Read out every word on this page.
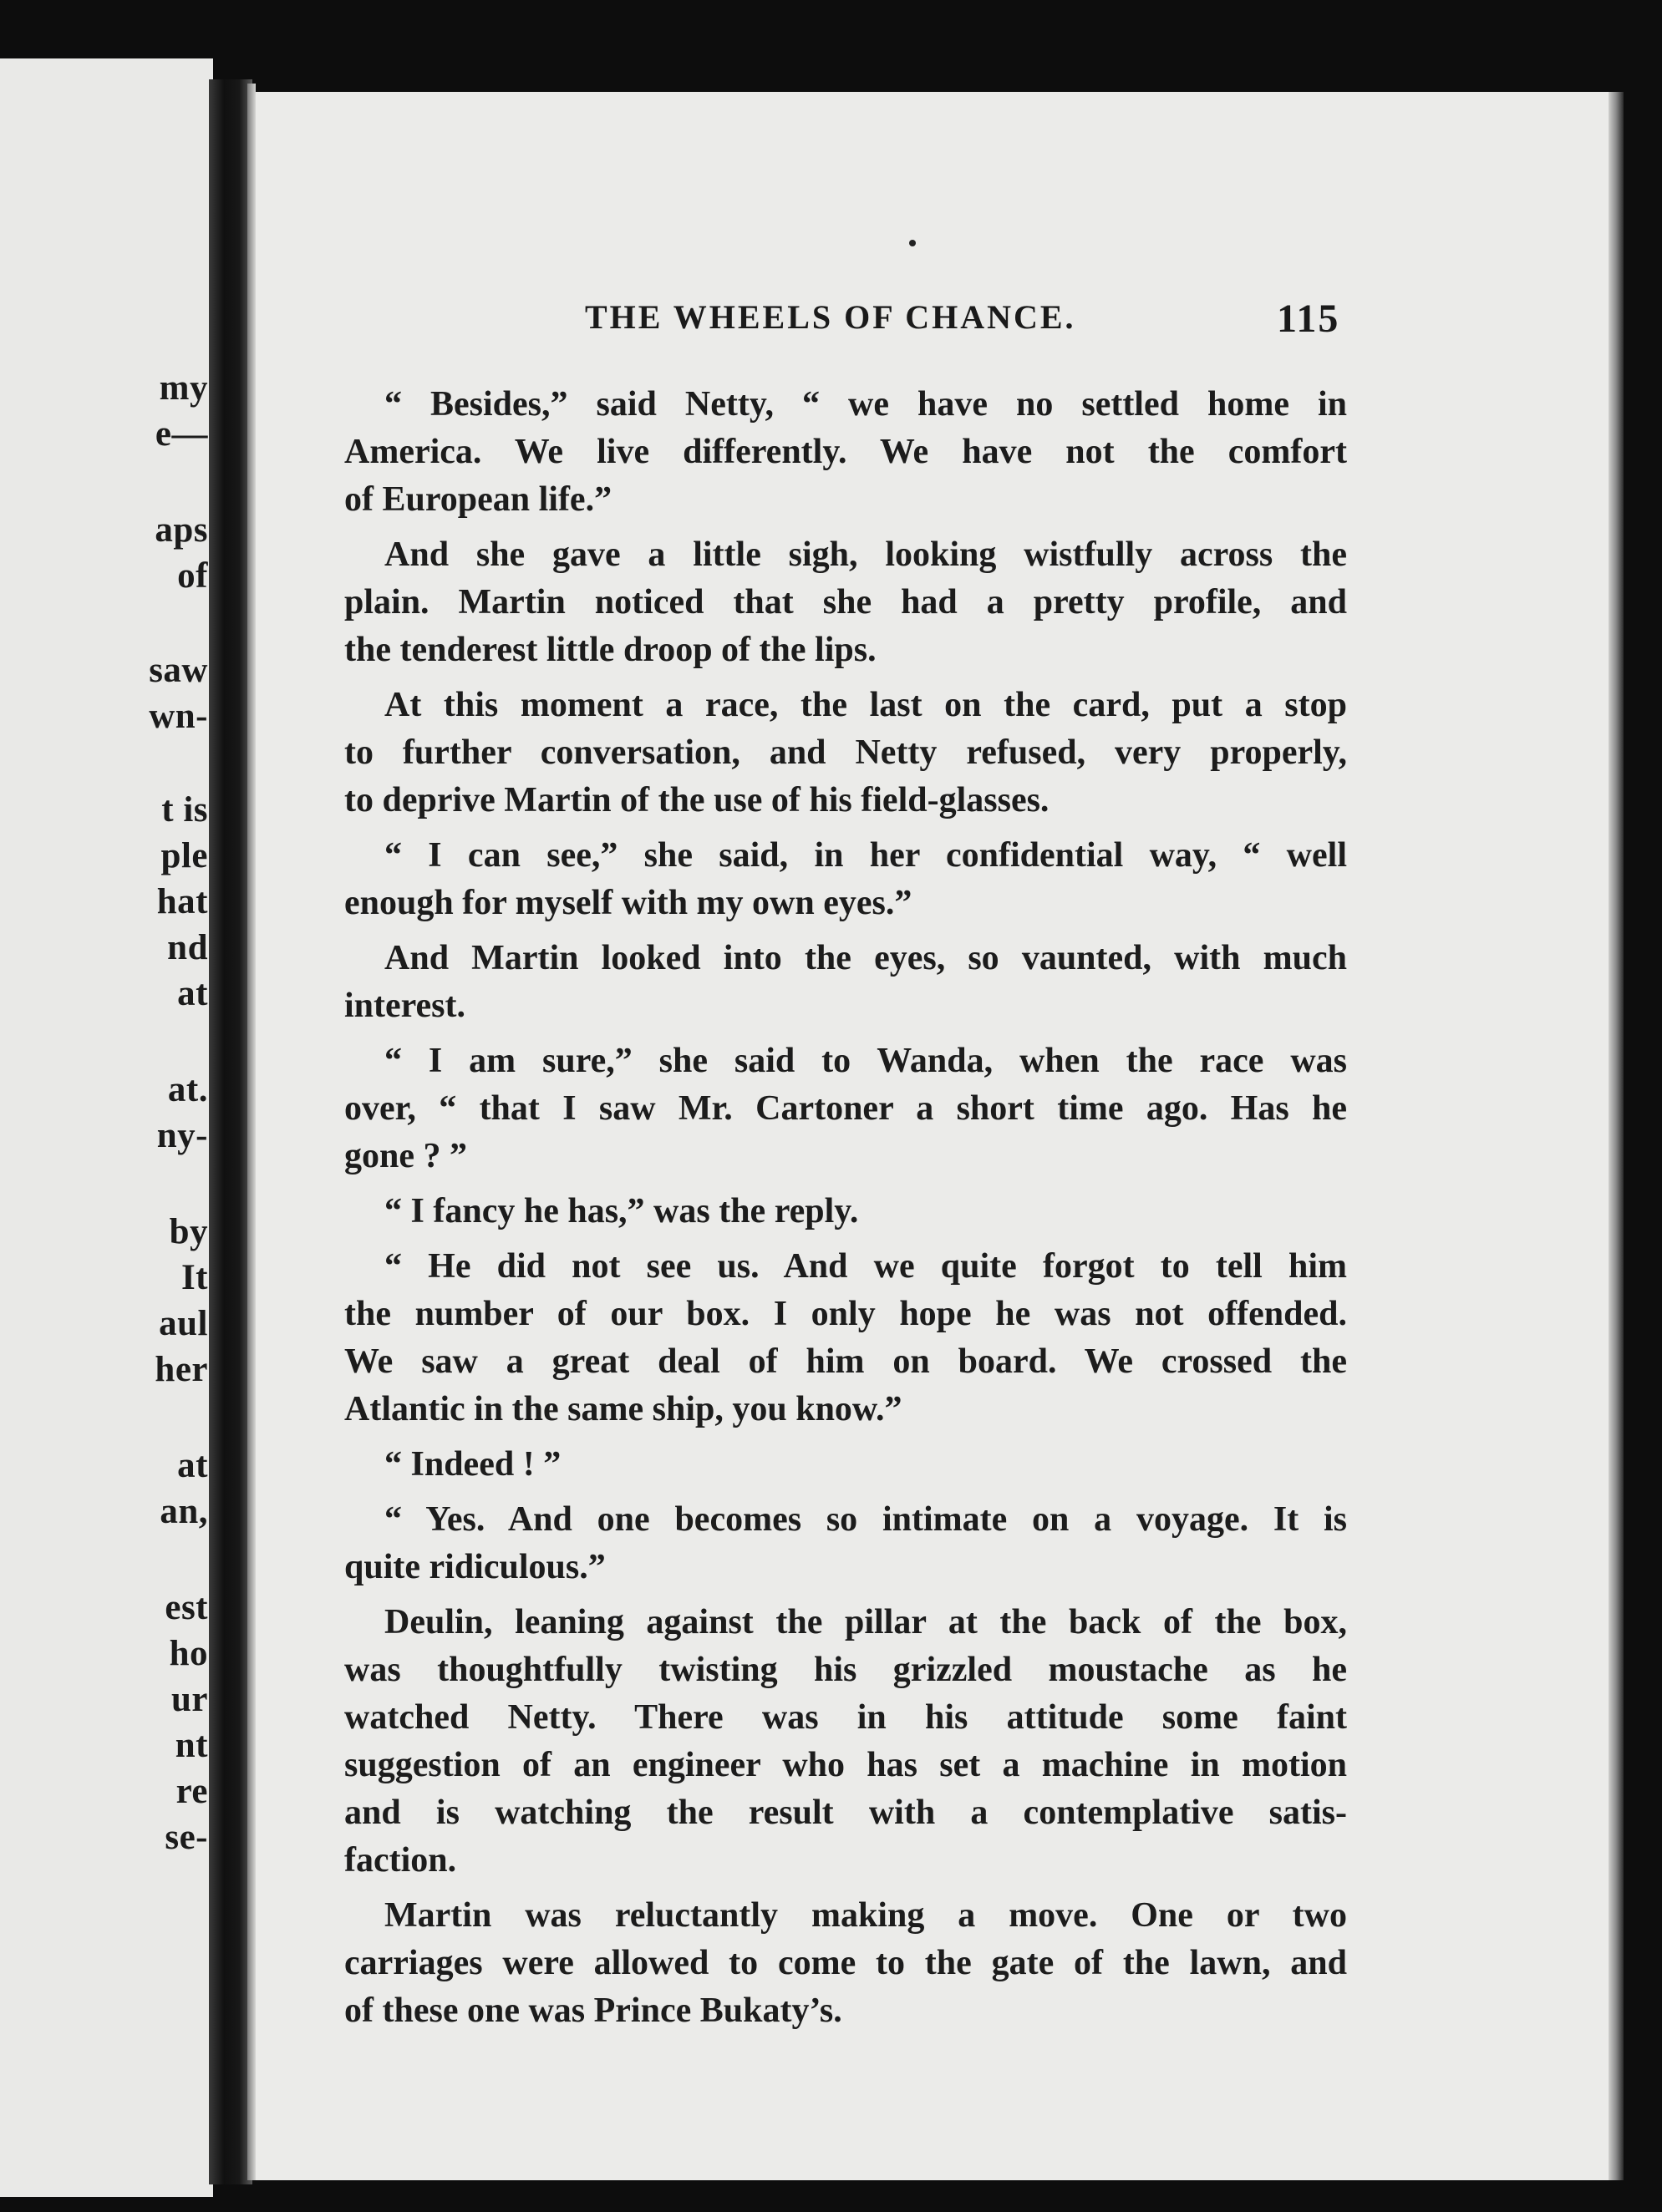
my
e—
aps
of
saw
wn-
t is
ple
hat
nd
at
at.
ny-
by
It
aul
her
at
an,
est
ho
ur
nt
re
se-
THE WHEELS OF CHANCE.	115

“ Besides,” said Netty, “ we have no settled home in
America. We live differently. We have not the comfort
of European life.”

And she gave a little sigh, looking wistfully across the
plain. Martin noticed that she had a pretty profile, and
the tenderest little droop of the lips.

At this moment a race, the last on the card, put a stop
to further conversation, and Netty refused, very properly,
to deprive Martin of the use of his field-glasses.

“ I can see,” she said, in her confidential way, “ well
enough for myself with my own eyes.”

And Martin looked into the eyes, so vaunted, with much
interest.

“ I am sure,” she said to Wanda, when the race was
over, “ that I saw Mr. Cartoner a short time ago. Has he
gone ? ”

“ I fancy he has,” was the reply.

“ He did not see us. And we quite forgot to tell him
the number of our box. I only hope he was not offended.
We saw a great deal of him on board. We crossed the
Atlantic in the same ship, you know.”

“ Indeed ! ”

“ Yes. And one becomes so intimate on a voyage. It is
quite ridiculous.”

Deulin, leaning against the pillar at the back of the box,
was thoughtfully twisting his grizzled moustache as he
watched Netty. There was in his attitude some faint
suggestion of an engineer who has set a machine in motion
and is watching the result with a contemplative satis-
faction.

Martin was reluctantly making a move. One or two
carriages were allowed to come to the gate of the lawn, and
of these one was Prince Bukaty’s.
